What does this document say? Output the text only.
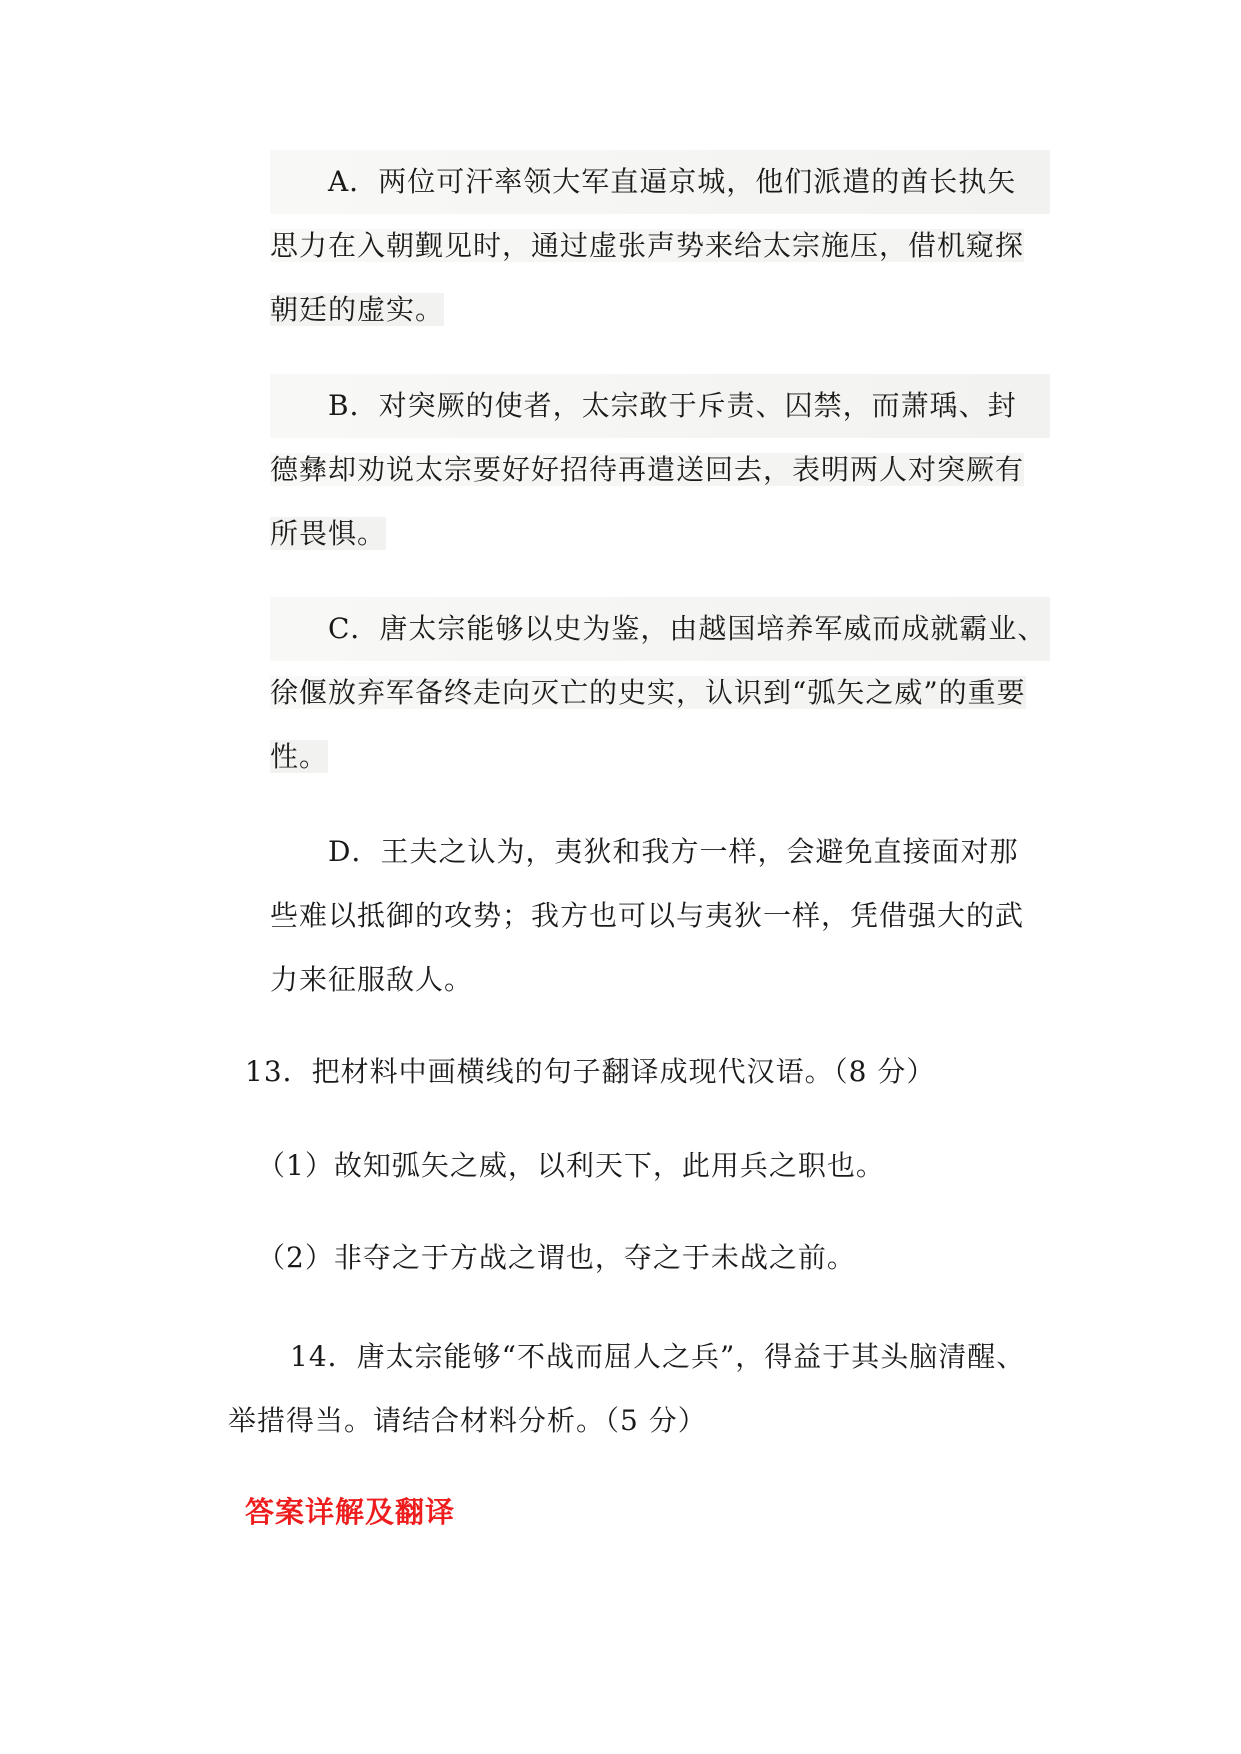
A．两位可汗率领大军直逼京城，他们派遣的酋长执矢
思力在入朝觐见时，通过虚张声势来给太宗施压，借机窥探朝廷的虚实。
B．对突厥的使者，太宗敢于斥责、囚禁，而萧瑀、封
德彝却劝说太宗要好好招待再遣送回去，表明两人对突厥有所畏惧。
C．唐太宗能够以史为鉴，由越国培养军威而成就霸业、
徐偃放弃军备终走向灭亡的史实，认识到“弧矢之威”的重要性。
D．王夫之认为，夷狄和我方一样，会避免直接面对那
些难以抵御的攻势；我方也可以与夷狄一样，凭借强大的武力来征服敌人。
13．把材料中画横线的句子翻译成现代汉语。（8 分）
（1）故知弧矢之威，以利天下，此用兵之职也。
（2）非夺之于方战之谓也，夺之于未战之前。
14．唐太宗能够“不战而屈人之兵”，得益于其头脑清醒、
举措得当。请结合材料分析。（5 分）
答案详解及翻译
